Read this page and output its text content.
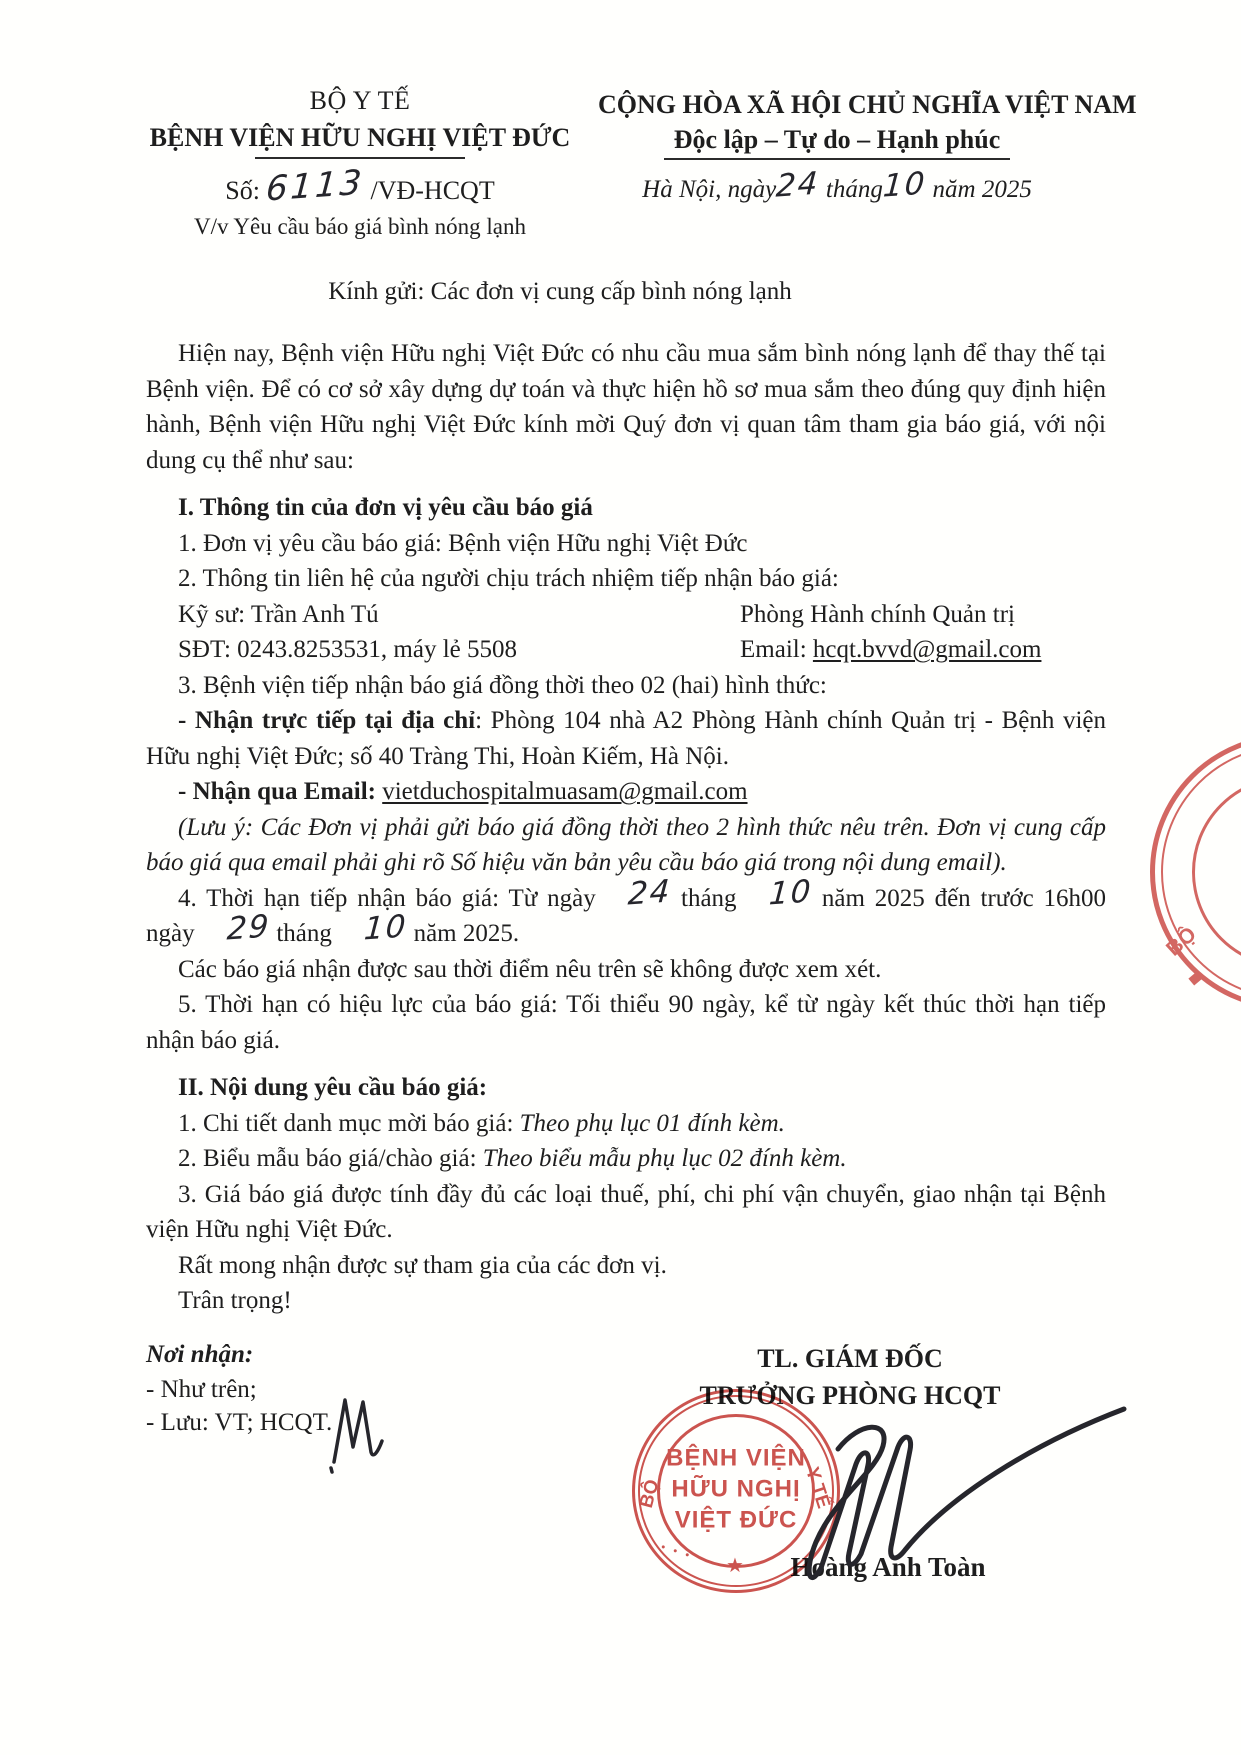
BỘ Y TẾ
BỆNH VIỆN HỮU NGHỊ VIỆT ĐỨC
Số: 6113 /VĐ-HCQT
V/v Yêu cầu báo giá bình nóng lạnh
CỘNG HÒA XÃ HỘI CHỦ NGHĨA VIỆT NAM
Độc lập – Tự do – Hạnh phúc
Hà Nội, ngày24 tháng10 năm 2025
Kính gửi: Các đơn vị cung cấp bình nóng lạnh

Hiện nay, Bệnh viện Hữu nghị Việt Đức có nhu cầu mua sắm bình nóng lạnh để thay thế tại Bệnh viện. Để có cơ sở xây dựng dự toán và thực hiện hồ sơ mua sắm theo đúng quy định hiện hành, Bệnh viện Hữu nghị Việt Đức kính mời Quý đơn vị quan tâm tham gia báo giá, với nội dung cụ thể như sau:

I. Thông tin của đơn vị yêu cầu báo giá

1. Đơn vị yêu cầu báo giá: Bệnh viện Hữu nghị Việt Đức

2. Thông tin liên hệ của người chịu trách nhiệm tiếp nhận báo giá:

Kỹ sư: Trần Anh Tú	Phòng Hành chính Quản trị
SĐT: 0243.8253531, máy lẻ 5508	Email: hcqt.bvvd@gmail.com

3. Bệnh viện tiếp nhận báo giá đồng thời theo 02 (hai) hình thức:

- Nhận trực tiếp tại địa chỉ: Phòng 104 nhà A2 Phòng Hành chính Quản trị - Bệnh viện Hữu nghị Việt Đức; số 40 Tràng Thi, Hoàn Kiếm, Hà Nội.

- Nhận qua Email: vietduchospitalmuasam@gmail.com

(Lưu ý: Các Đơn vị phải gửi báo giá đồng thời theo 2 hình thức nêu trên. Đơn vị cung cấp báo giá qua email phải ghi rõ Số hiệu văn bản yêu cầu báo giá trong nội dung email).

4. Thời hạn tiếp nhận báo giá: Từ ngày 24 tháng 10 năm 2025 đến trước 16h00 ngày 29 tháng 10 năm 2025.

Các báo giá nhận được sau thời điểm nêu trên sẽ không được xem xét.

5. Thời hạn có hiệu lực của báo giá: Tối thiểu 90 ngày, kể từ ngày kết thúc thời hạn tiếp nhận báo giá.

II. Nội dung yêu cầu báo giá:

1. Chi tiết danh mục mời báo giá: Theo phụ lục 01 đính kèm.

2. Biểu mẫu báo giá/chào giá: Theo biểu mẫu phụ lục 02 đính kèm.

3. Giá báo giá được tính đầy đủ các loại thuế, phí, chi phí vận chuyển, giao nhận tại Bệnh viện Hữu nghị Việt Đức.

Rất mong nhận được sự tham gia của các đơn vị.

Trân trọng!

Nơi nhận:
- Như trên;
- Lưu: VT; HCQT.
TL. GIÁM ĐỐC
TRƯỞNG PHÒNG HCQT
Hoàng Anh Toàn
BỆNH VIỆN
HỮU NGHỊ
VIỆT ĐỨC
BỘ	Y TẾ
★
···
BỘ
